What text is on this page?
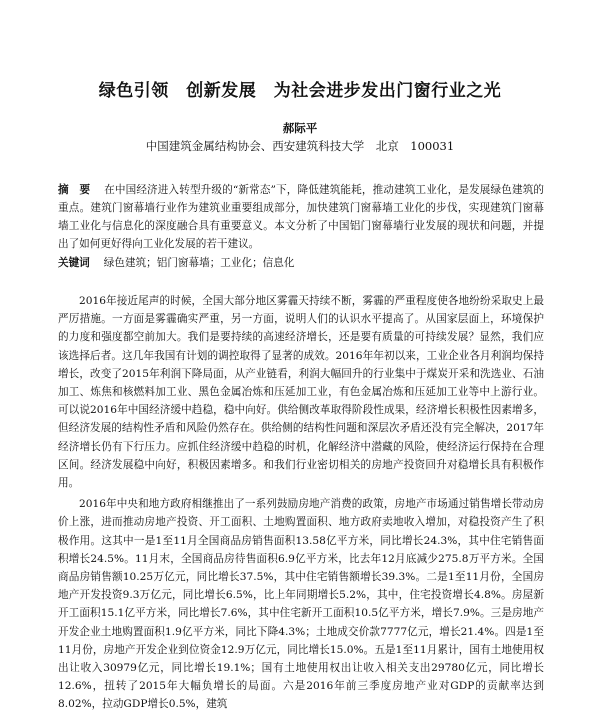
绿色引领　创新发展　为社会进步发出门窗行业之光
郝际平
中国建筑金属结构协会、西安建筑科技大学　北京　100031
摘　要 在中国经济进入转型升级的“新常态”下，降低建筑能耗，推动建筑工业化，是发展绿色建筑的重点。建筑门窗幕墙行业作为建筑业重要组成部分，加快建筑门窗幕墙工业化的步伐，实现建筑门窗幕墙工业化与信息化的深度融合具有重要意义。本文分析了中国铝门窗幕墙行业发展的现状和问题，并提出了如何更好得向工业化发展的若干建议。
关键词 绿色建筑；铝门窗幕墙；工业化；信息化

2016年接近尾声的时候，全国大部分地区雾霾天持续不断，雾霾的严重程度使各地纷纷采取史上最严厉措施。一方面是雾霾确实严重，另一方面，说明人们的认识水平提高了。从国家层面上，环境保护的力度和强度都空前加大。我们是要持续的高速经济增长，还是要有质量的可持续发展？显然，我们应该选择后者。这几年我国有计划的调控取得了显著的成效。2016年年初以来，工业企业各月利润均保持增长，改变了2015年利润下降局面，从产业链看，利润大幅回升的行业集中于煤炭开采和洗选业、石油加工、炼焦和核燃料加工业、黑色金属冶炼和压延加工业，有色金属冶炼和压延加工业等中上游行业。可以说2016年中国经济缓中趋稳，稳中向好。供给侧改革取得阶段性成果，经济增长积极性因素增多，但经济发展的结构性矛盾和风险仍然存在。供给侧的结构性问题和深层次矛盾还没有完全解决，2017年经济增长仍有下行压力。应抓住经济缓中趋稳的时机，化解经济中潜藏的风险，使经济运行保持在合理区间。经济发展稳中向好，积极因素增多。和我们行业密切相关的房地产投资回升对稳增长具有积极作用。

2016年中央和地方政府相继推出了一系列鼓励房地产消费的政策，房地产市场通过销售增长带动房价上涨，进而推动房地产投资、开工面积、土地购置面积、地方政府卖地收入增加，对稳投资产生了积极作用。这其中一是1至11月全国商品房销售面积13.58亿平方米，同比增长24.3%，其中住宅销售面积增长24.5%。11月末，全国商品房待售面积6.9亿平方米，比去年12月底减少275.8万平方米。全国商品房销售额10.25万亿元，同比增长37.5%，其中住宅销售额增长39.3%。二是1至11月份，全国房地产开发投资9.3万亿元，同比增长6.5%，比上年同期增长5.2%，其中，住宅投资增长4.8%。房屋新开工面积15.1亿平方米，同比增长7.6%，其中住宅新开工面积10.5亿平方米，增长7.9%。三是房地产开发企业土地购置面积1.9亿平方米，同比下降4.3%；土地成交价款7777亿元，增长21.4%。四是1至11月份，房地产开发企业到位资金12.9万亿元，同比增长15.0%。五是1至11月累计，国有土地使用权出让收入30979亿元，同比增长19.1%；国有土地使用权出让收入相关支出29780亿元，同比增长12.6%，扭转了2015年大幅负增长的局面。六是2016年前三季度房地产业对GDP的贡献率达到8.02%，拉动GDP增长0.5%，建筑
